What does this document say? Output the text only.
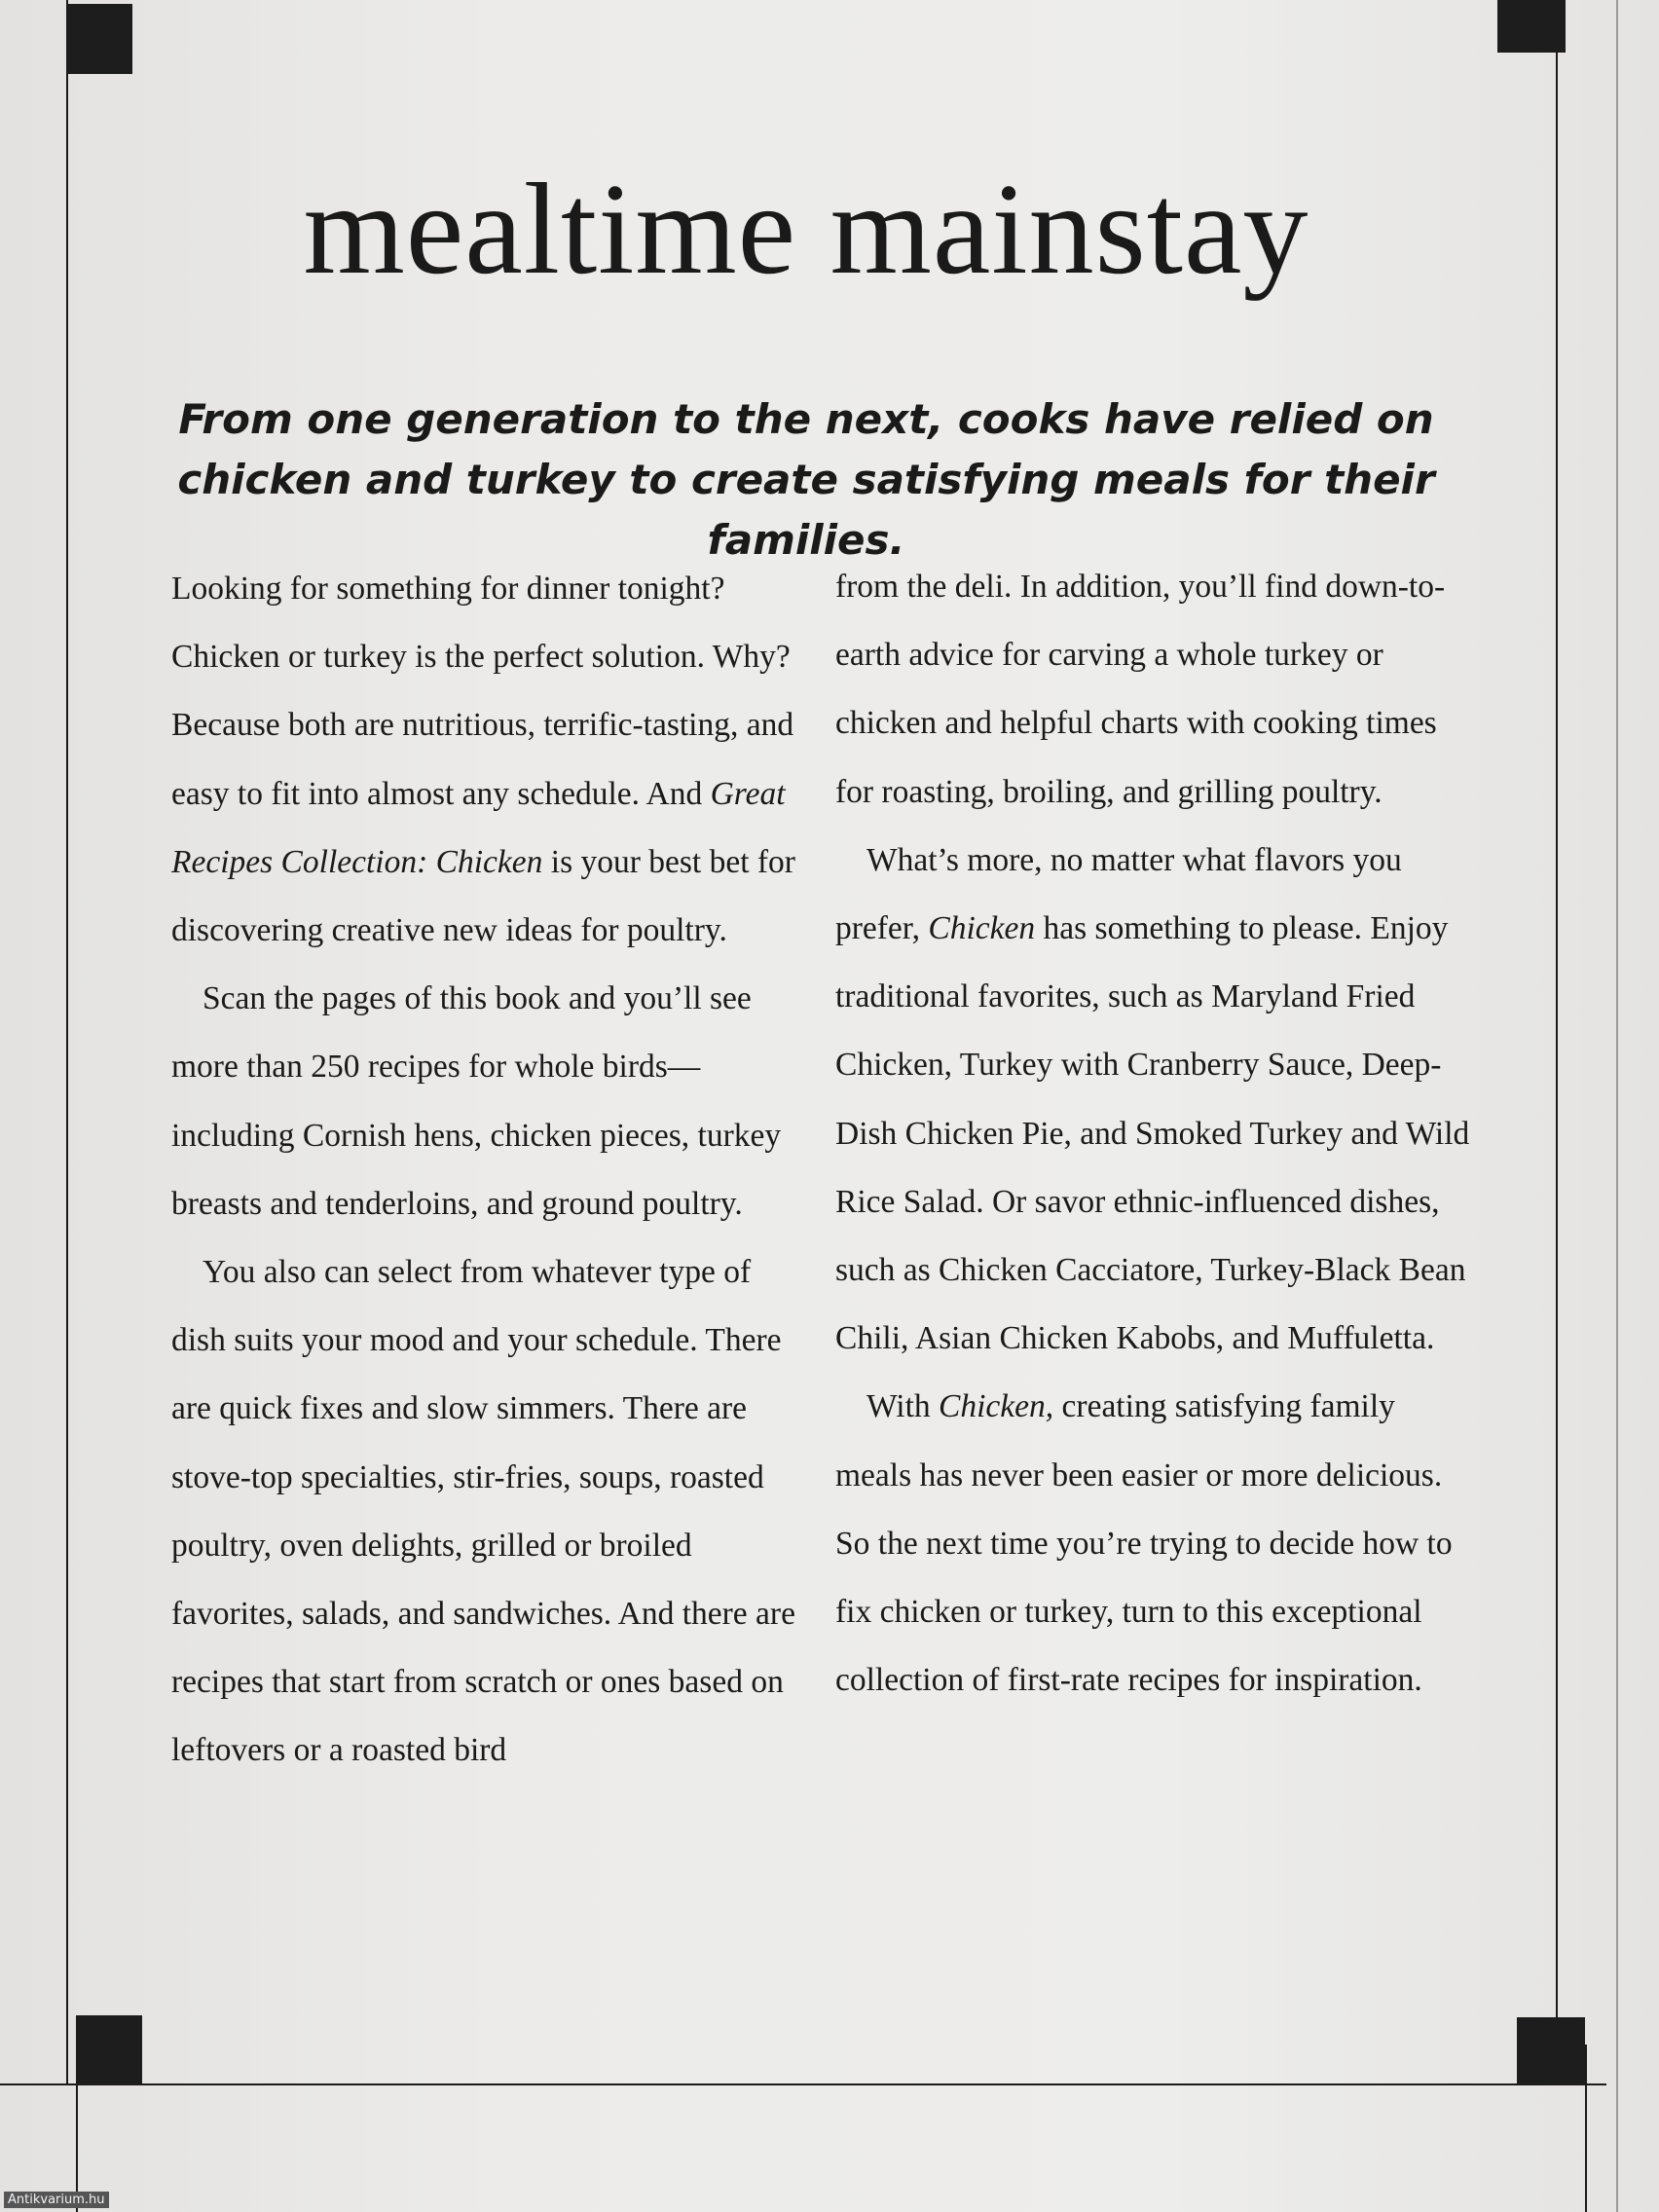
mealtime mainstay

From one generation to the next, cooks have relied on chicken and turkey to create satisfying meals for their families.

Looking for something for dinner tonight? Chicken or turkey is the perfect solution. Why? Because both are nutritious, terrific-tasting, and easy to fit into almost any schedule. And Great Recipes Collection: Chicken is your best bet for discovering creative new ideas for poultry.

Scan the pages of this book and you’ll see more than 250 recipes for whole birds—including Cornish hens, chicken pieces, turkey breasts and tenderloins, and ground poultry.

You also can select from whatever type of dish suits your mood and your schedule. There are quick fixes and slow simmers. There are stove-top specialties, stir-fries, soups, roasted poultry, oven delights, grilled or broiled favorites, salads, and sandwiches. And there are recipes that start from scratch or ones based on leftovers or a roasted bird

from the deli. In addition, you’ll find down-to-earth advice for carving a whole turkey or chicken and helpful charts with cooking times for roasting, broiling, and grilling poultry.

What’s more, no matter what flavors you prefer, Chicken has something to please. Enjoy traditional favorites, such as Maryland Fried Chicken, Turkey with Cranberry Sauce, Deep-Dish Chicken Pie, and Smoked Turkey and Wild Rice Salad. Or savor ethnic-influenced dishes, such as Chicken Cacciatore, Turkey-Black Bean Chili, Asian Chicken Kabobs, and Muffuletta.

With Chicken, creating satisfying family meals has never been easier or more delicious. So the next time you’re trying to decide how to fix chicken or turkey, turn to this exceptional collection of first-rate recipes for inspiration.

Antikvarium.hu
